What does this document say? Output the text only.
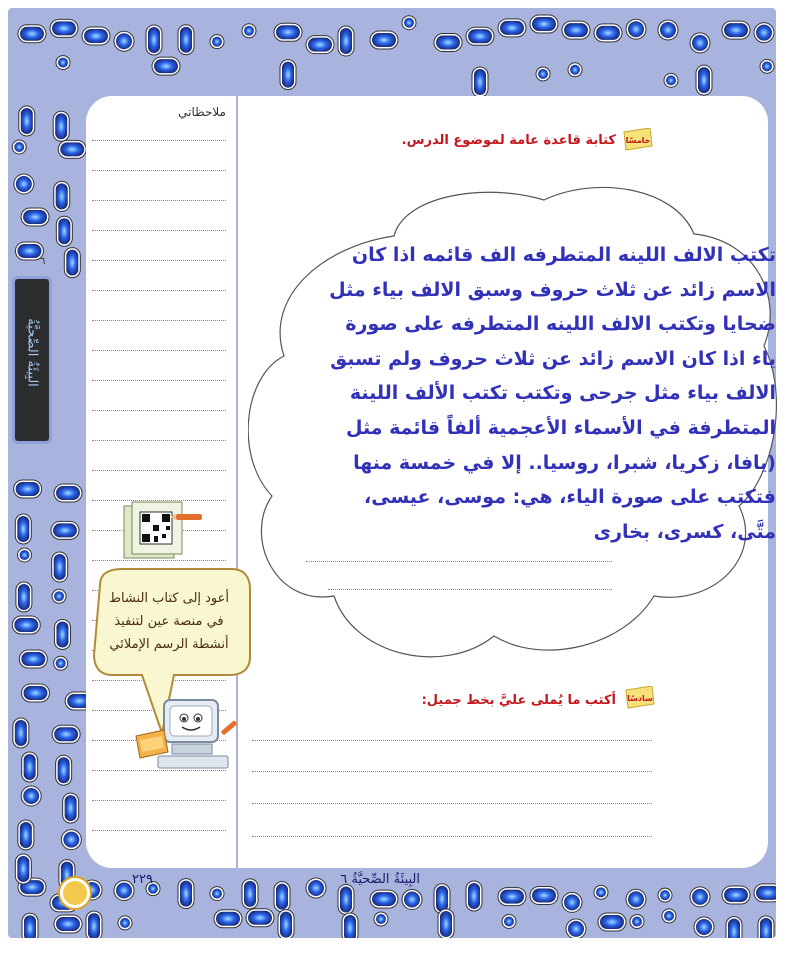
ملاحظاتي
٦
البِيئَةُ الصِّحيَّةُ
خامسًا
كتابة قاعدة عامة لموضوع الدرس.
تكتب الالف اللينه المتطرفه الف قائمه اذا كان
الاسم زائد عن ثلاث حروف وسبق الالف بياء مثل
ضحايا وتكتب الالف اللينه المتطرفه على صورة
ياء اذا كان الاسم زائد عن ثلاث حروف ولم تسبق
الالف بياء مثل جرحى وتكتب تكتب الألف اللينة
المتطرفة في الأسماء الأعجمية ألفاً قائمة مثل
(يافا، زكريا، شبرا، روسيا.. إلا في خمسة منها
فتكتب على صورة الياء، هي: موسى، عيسى،
متَّى، كسرى، بخارى
سادسًا
أكتب ما يُملى عليَّ بخط جميل:
أعود إلى كتاب النشاط في منصة عين لتنفيذ أنشطة الرسم الإملائي
٢٢٩	البِيئَةُ الصِّحيَّةُ ٦
